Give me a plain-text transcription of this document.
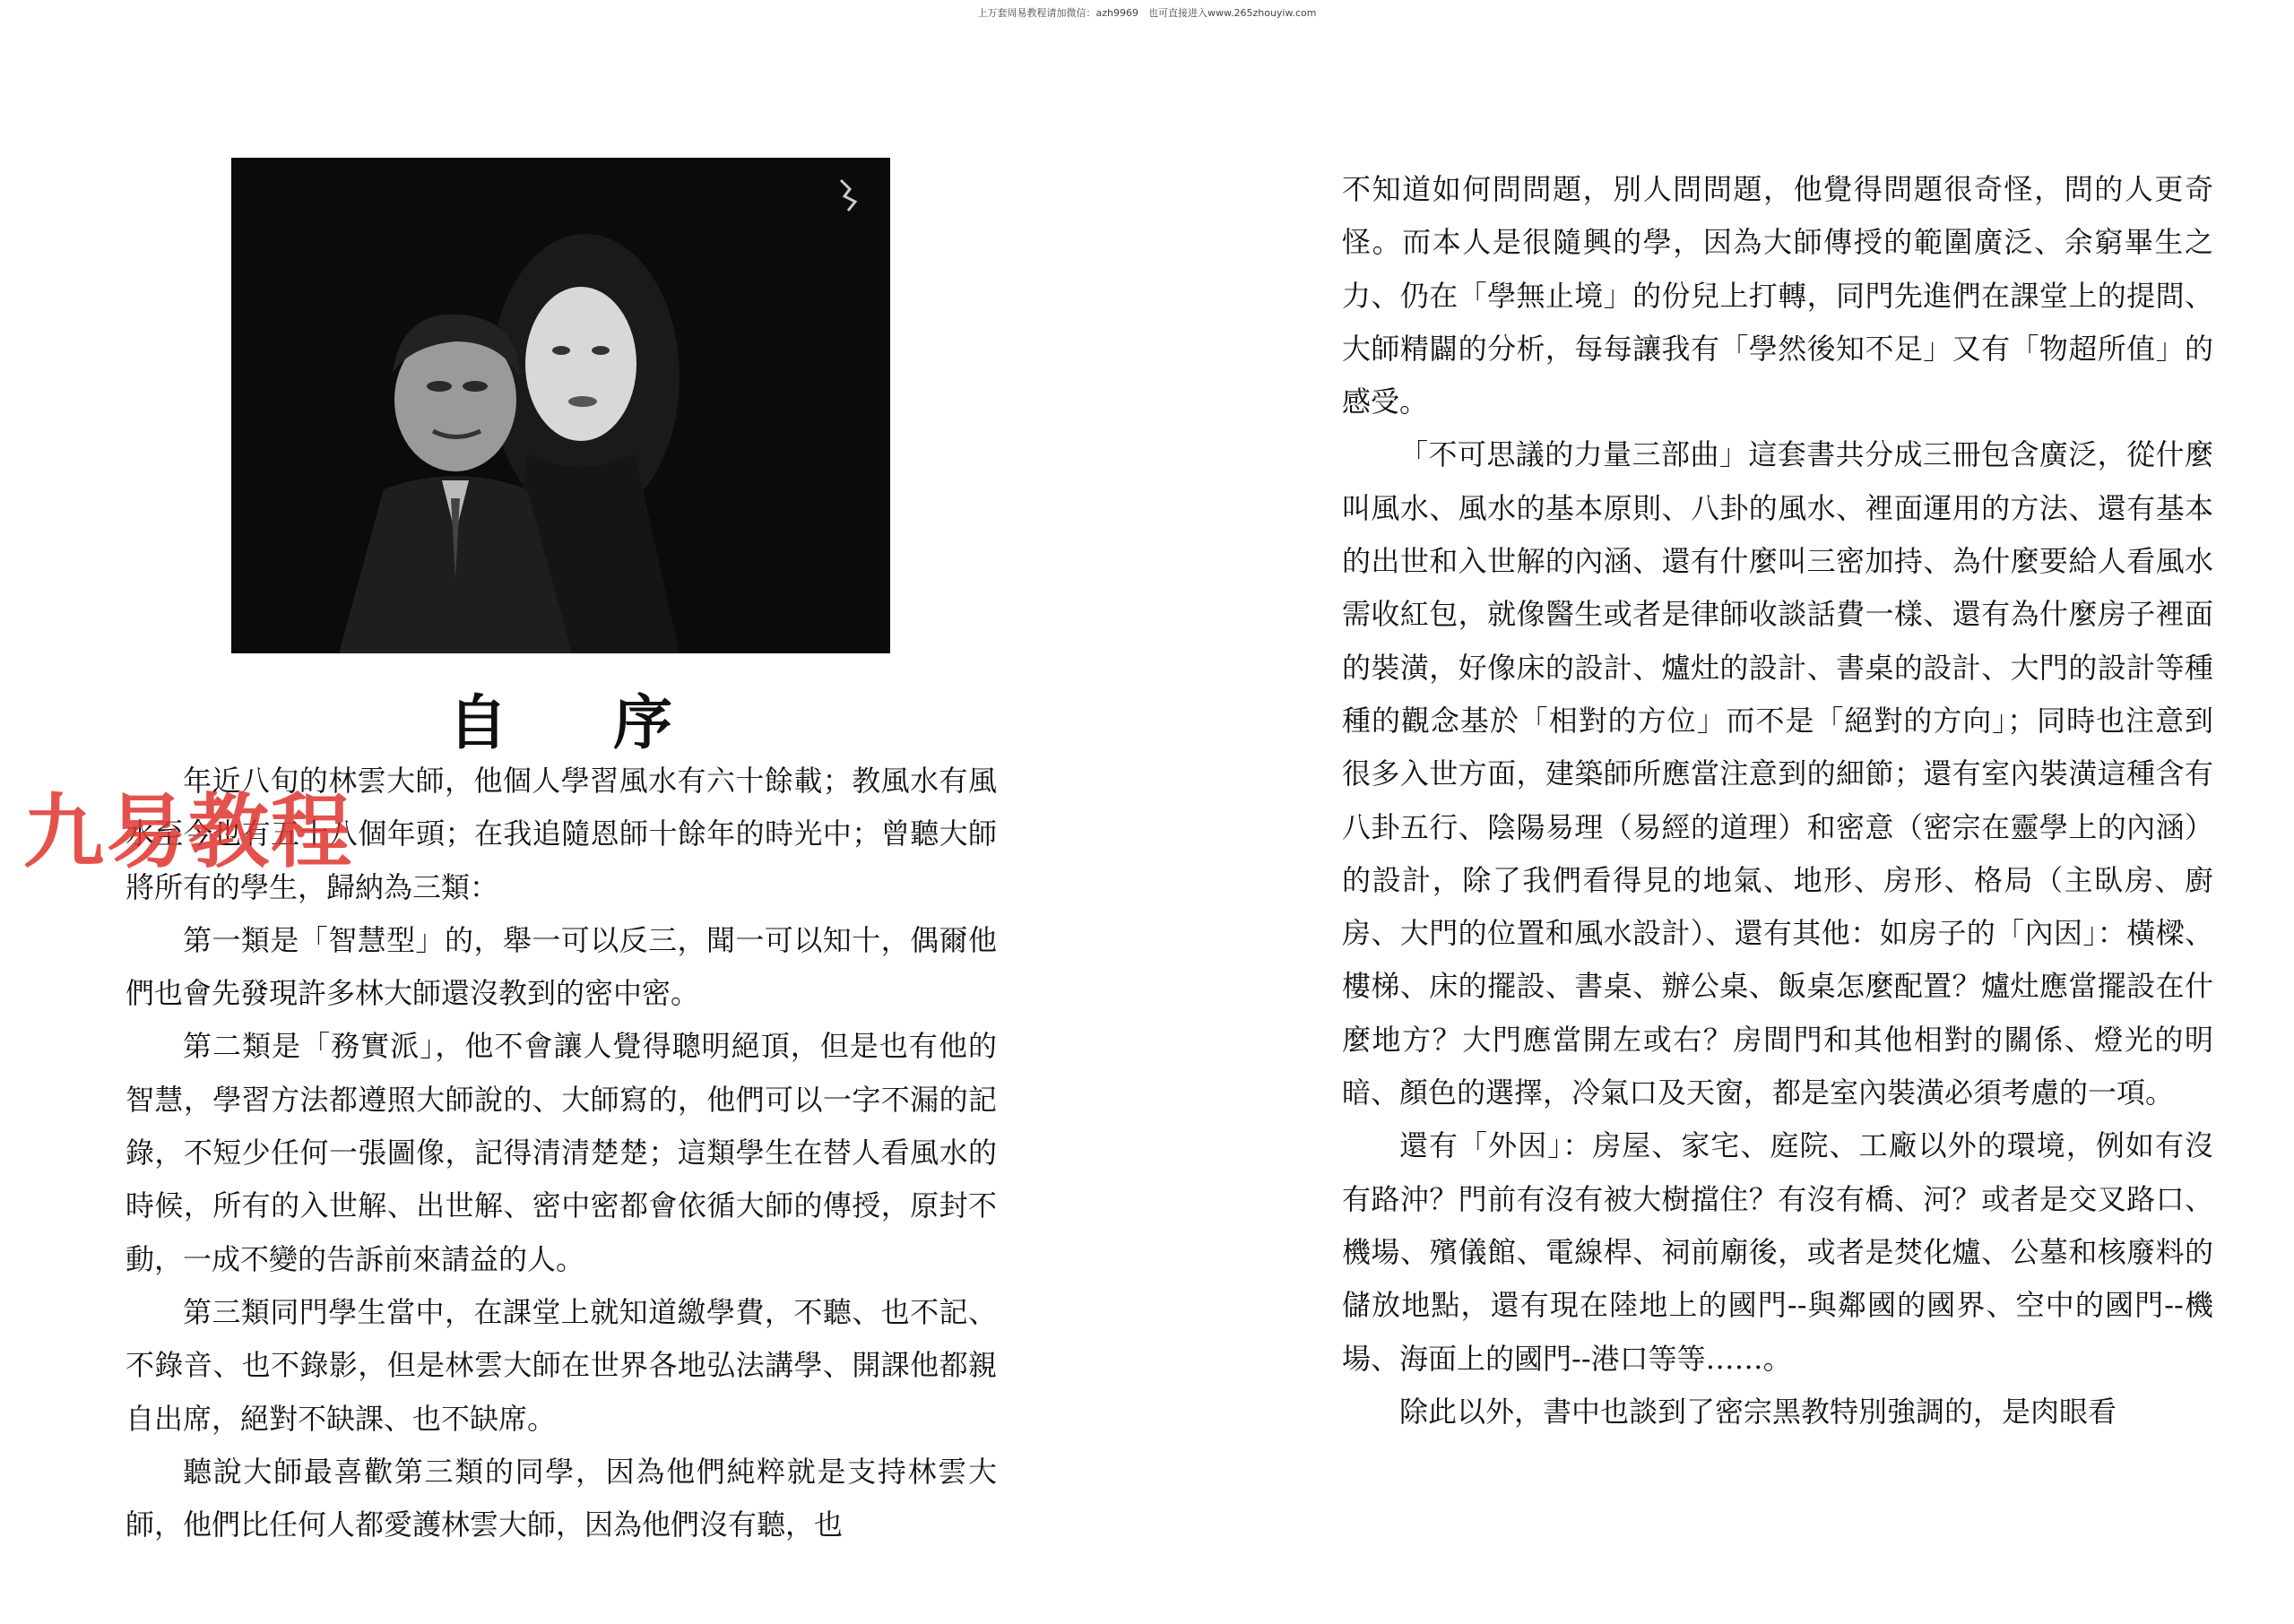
上万套周易教程请加微信：azh9969　也可直接进入www.265zhouyiw.com
自 序

年近八旬的林雲大師，他個人學習風水有六十餘載；教風水有風水至今也有五十八個年頭；在我追隨恩師十餘年的時光中；曾聽大師將所有的學生，歸納為三類：

第一類是「智慧型」的，舉一可以反三，聞一可以知十，偶爾他們也會先發現許多林大師還沒教到的密中密。

第二類是「務實派」，他不會讓人覺得聰明絕頂，但是也有他的智慧，學習方法都遵照大師說的、大師寫的，他們可以一字不漏的記錄，不短少任何一張圖像，記得清清楚楚；這類學生在替人看風水的時候，所有的入世解、出世解、密中密都會依循大師的傳授，原封不動，一成不變的告訴前來請益的人。

第三類同門學生當中，在課堂上就知道繳學費，不聽、也不記、不錄音、也不錄影，但是林雲大師在世界各地弘法講學、開課他都親自出席，絕對不缺課、也不缺席。

聽說大師最喜歡第三類的同學，因為他們純粹就是支持林雲大師，他們比任何人都愛護林雲大師，因為他們沒有聽，也

不知道如何問問題，別人問問題，他覺得問題很奇怪，問的人更奇怪。而本人是很隨興的學，因為大師傳授的範圍廣泛、余窮畢生之力、仍在「學無止境」的份兒上打轉，同門先進們在課堂上的提問、大師精闢的分析，每每讓我有「學然後知不足」又有「物超所值」的感受。

「不可思議的力量三部曲」這套書共分成三冊包含廣泛，從什麼叫風水、風水的基本原則、八卦的風水、裡面運用的方法、還有基本的出世和入世解的內涵、還有什麼叫三密加持、為什麼要給人看風水需收紅包，就像醫生或者是律師收談話費一樣、還有為什麼房子裡面的裝潢，好像床的設計、爐灶的設計、書桌的設計、大門的設計等種種的觀念基於「相對的方位」而不是「絕對的方向」；同時也注意到很多入世方面，建築師所應當注意到的細節；還有室內裝潢這種含有八卦五行、陰陽易理（易經的道理）和密意（密宗在靈學上的內涵）的設計，除了我們看得見的地氣、地形、房形、格局（主臥房、廚房、大門的位置和風水設計）、還有其他：如房子的「內因」：橫樑、樓梯、床的擺設、書桌、辦公桌、飯桌怎麼配置？爐灶應當擺設在什麼地方？大門應當開左或右？房間門和其他相對的關係、燈光的明暗、顏色的選擇，冷氣口及天窗，都是室內裝潢必須考慮的一項。

還有「外因」：房屋、家宅、庭院、工廠以外的環境，例如有沒有路沖？門前有沒有被大樹擋住？有沒有橋、河？或者是交叉路口、機場、殯儀館、電線桿、祠前廟後，或者是焚化爐、公墓和核廢料的儲放地點，還有現在陸地上的國門--與鄰國的國界、空中的國門--機場、海面上的國門--港口等等……。

除此以外，書中也談到了密宗黑教特別強調的，是肉眼看

九易教程
